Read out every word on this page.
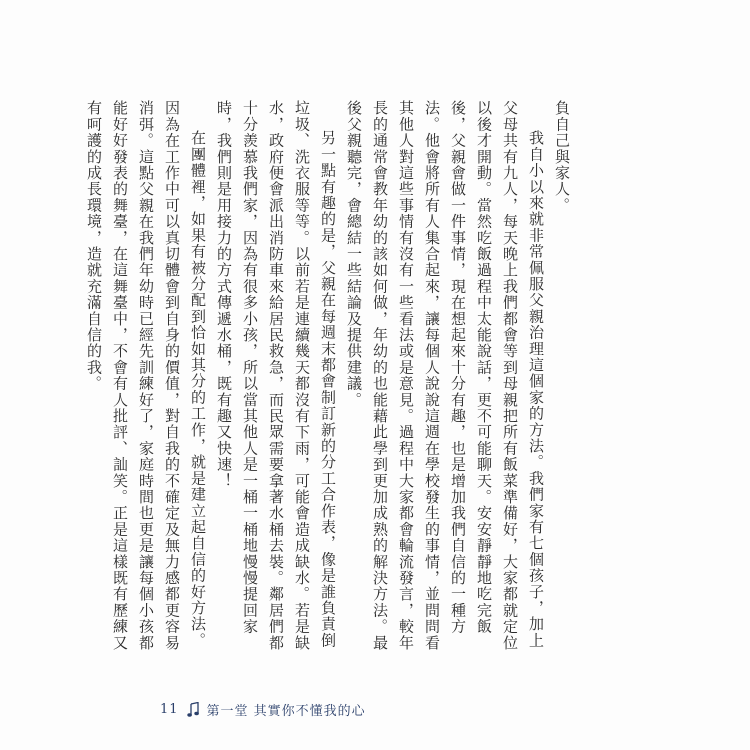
負自己與家人。

我自小以來就非常佩服父親治理這個家的方法。我們家有七個孩子，加上父母共有九人，每天晚上我們都會等到母親把所有飯菜準備好，大家都就定位以後才開動。當然吃飯過程中太能說話，更不可能聊天。安安靜靜地吃完飯後，父親會做一件事情，現在想起來十分有趣，也是增加我們自信的一種方法。他會將所有人集合起來，讓每個人說說這週在學校發生的事情，並問問看其他人對這些事情有沒有一些看法或是意見。過程中大家都會輪流發言，較年長的通常會教年幼的該如何做，年幼的也能藉此學到更加成熟的解決方法。最後父親聽完，會總結一些結論及提供建議。

另一點有趣的是，父親在每週末都會制訂新的分工合作表，像是誰負責倒垃圾、洗衣服等等。以前若是連續幾天都沒有下雨，可能會造成缺水。若是缺水，政府便會派出消防車來給居民救急，而民眾需要拿著水桶去裝。鄰居們都十分羨慕我們家，因為有很多小孩，所以當其他人是一桶一桶地慢慢提回家時，我們則是用接力的方式傳遞水桶，既有趣又快速！

在團體裡，如果有被分配到恰如其分的工作，就是建立起自信的好方法。因為在工作中可以真切體會到自身的價值，對自我的不確定及無力感都更容易消弭。這點父親在我們年幼時已經先訓練好了，家庭時間也更是讓每個小孩都能好好發表的舞臺，在這舞臺中，不會有人批評、訕笑。正是這樣既有歷練又有呵護的成長環境，造就充滿自信的我。

11 第一堂 其實你不懂我的心
